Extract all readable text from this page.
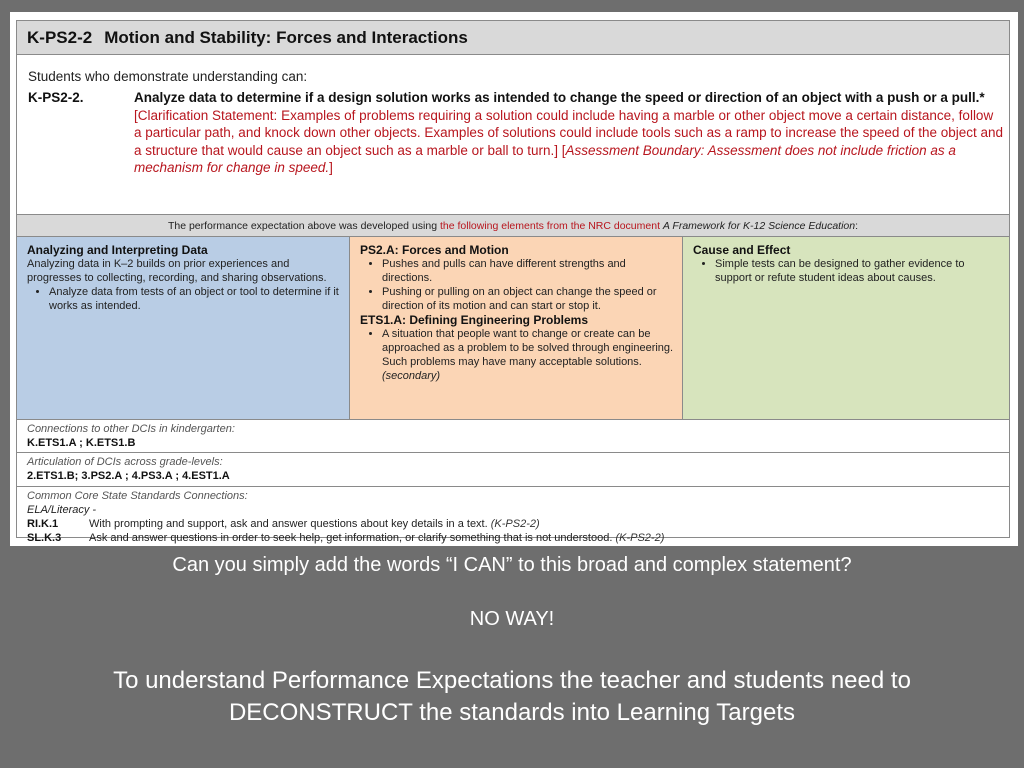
K-PS2-2 Motion and Stability: Forces and Interactions
Students who demonstrate understanding can:
K-PS2-2.	Analyze data to determine if a design solution works as intended to change the speed or direction of an object with a push or a pull.* [Clarification Statement: Examples of problems requiring a solution could include having a marble or other object move a certain distance, follow a particular path, and knock down other objects. Examples of solutions could include tools such as a ramp to increase the speed of the object and a structure that would cause an object such as a marble or ball to turn.] [Assessment Boundary: Assessment does not include friction as a mechanism for change in speed.]
The performance expectation above was developed using the following elements from the NRC document A Framework for K-12 Science Education:
Analyzing and Interpreting Data
Analyzing data in K–2 builds on prior experiences and progresses to collecting, recording, and sharing observations.
• Analyze data from tests of an object or tool to determine if it works as intended.
PS2.A: Forces and Motion
• Pushes and pulls can have different strengths and directions.
• Pushing or pulling on an object can change the speed or direction of its motion and can start or stop it.
ETS1.A: Defining Engineering Problems
• A situation that people want to change or create can be approached as a problem to be solved through engineering. Such problems may have many acceptable solutions. (secondary)
Cause and Effect
• Simple tests can be designed to gather evidence to support or refute student ideas about causes.
Connections to other DCIs in kindergarten:
K.ETS1.A ; K.ETS1.B
Articulation of DCIs across grade-levels:
2.ETS1.B; 3.PS2.A ; 4.PS3.A ; 4.EST1.A
Common Core State Standards Connections:
ELA/Literacy -
RI.K.1	With prompting and support, ask and answer questions about key details in a text. (K-PS2-2)
SL.K.3	Ask and answer questions in order to seek help, get information, or clarify something that is not understood. (K-PS2-2)
Can you simply add the words “I CAN” to this broad and complex statement?
NO WAY!
To understand Performance Expectations the teacher and students need to
DECONSTRUCT the standards into Learning Targets
